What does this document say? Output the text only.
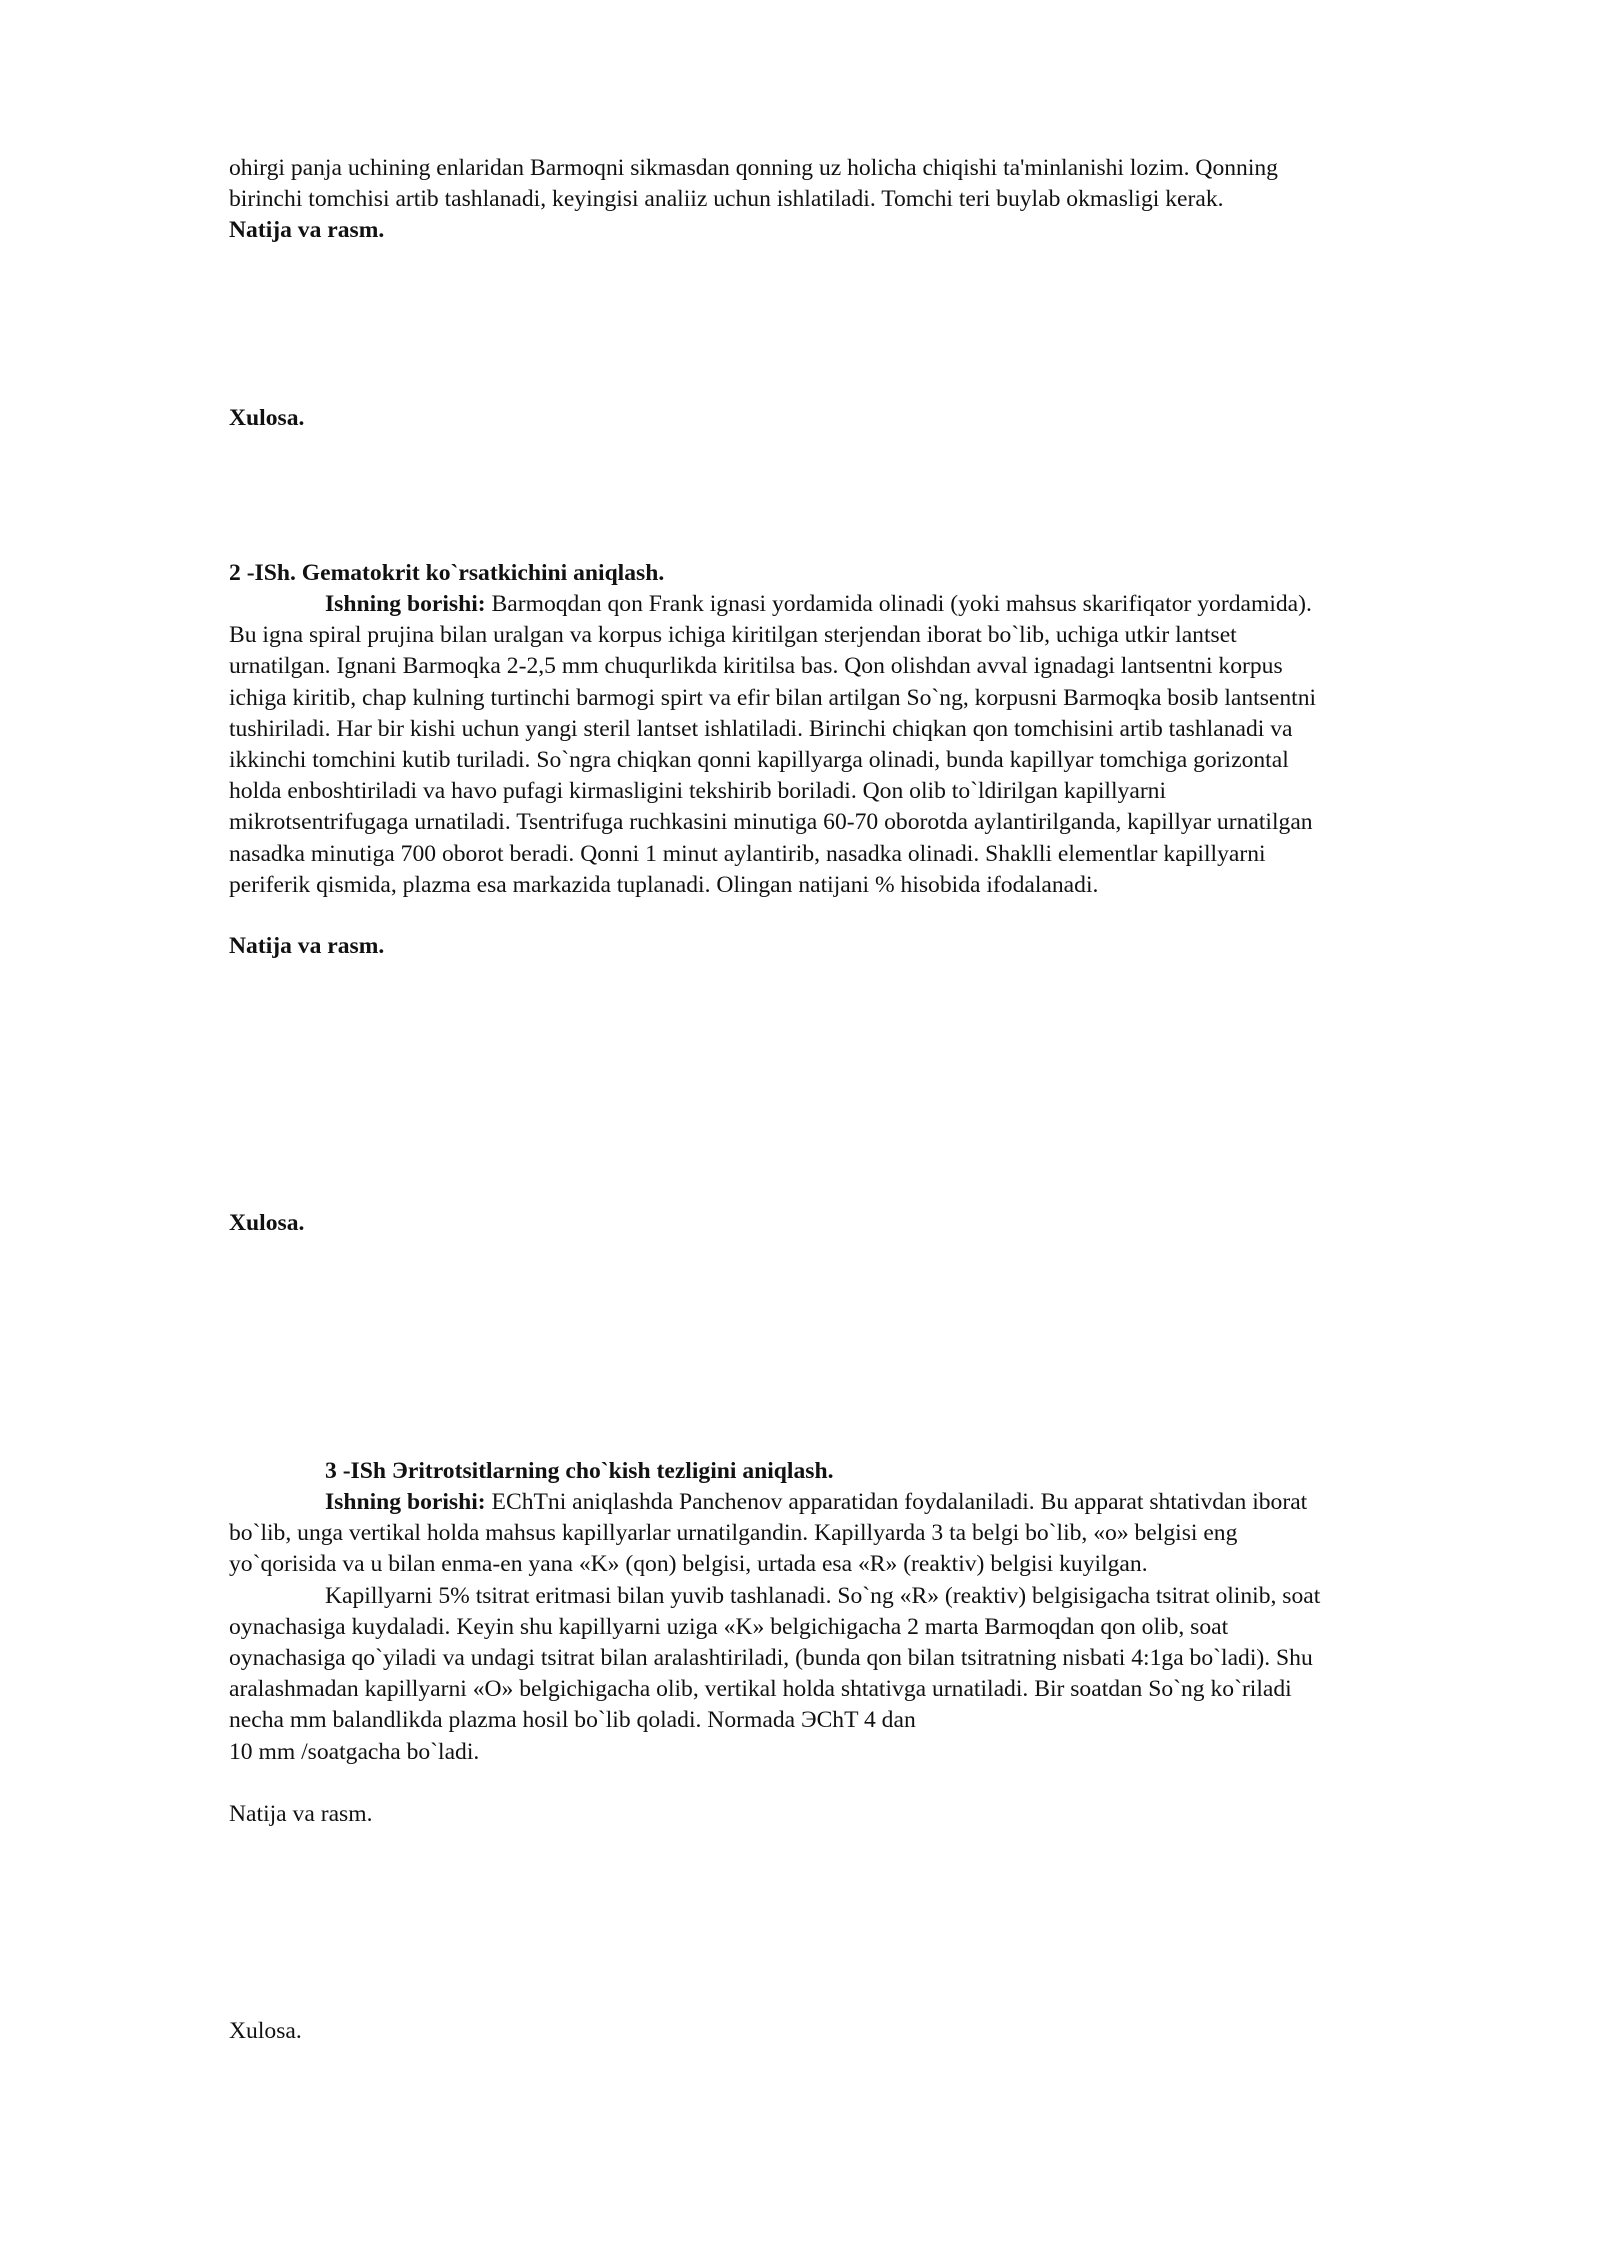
ohirgi panja uchining enlaridan Barmoqni sikmasdan qonning uz holicha chiqishi ta'minlanishi lozim. Qonning
birinchi tomchisi artib tashlanadi, keyingisi analiiz uchun ishlatiladi. Tomchi teri buylab okmasligi kerak.
Natija va rasm.
Xulosa.
2 -ISh. Gematokrit ko`rsatkichini aniqlash.
Ishning borishi: Barmoqdan qon Frank ignasi yordamida olinadi (yoki mahsus skarifiqator yordamida).
Bu igna spiral prujina bilan uralgan va korpus ichiga kiritilgan sterjendan iborat bo`lib, uchiga utkir lantset
urnatilgan. Ignani Barmoqka 2-2,5 mm chuqurlikda kiritilsa bas. Qon olishdan avval ignadagi lantsentni korpus
ichiga kiritib, chap kulning turtinchi barmogi spirt va efir bilan artilgan So`ng, korpusni Barmoqka bosib lantsentni
tushiriladi. Har bir kishi uchun yangi steril lantset ishlatiladi. Birinchi chiqkan qon tomchisini artib tashlanadi va
ikkinchi tomchini kutib turiladi. So`ngra chiqkan qonni kapillyarga olinadi, bunda kapillyar tomchiga gorizontal
holda enboshtiriladi va havo pufagi kirmasligini tekshirib boriladi. Qon olib to`ldirilgan kapillyarni
mikrotsentrifugaga urnatiladi. Tsentrifuga ruchkasini minutiga 60-70 oborotda aylantirilganda, kapillyar urnatilgan
nasadka minutiga 700 oborot beradi. Qonni 1 minut aylantirib, nasadka olinadi. Shaklli elementlar kapillyarni
periferik qismida, plazma esa markazida tuplanadi. Olingan natijani % hisobida ifodalanadi.
Natija va rasm.
Xulosa.
3 -ISh Эritrotsitlarning cho`kish tezligini aniqlash.
Ishning borishi: EChTni aniqlashda Panchenov apparatidan foydalaniladi. Bu apparat shtativdan iborat
bo`lib, unga vertikal holda mahsus kapillyarlar urnatilgandin. Kapillyarda 3 ta belgi bo`lib, «o» belgisi eng
yo`qorisida va u bilan enma-en yana «K» (qon) belgisi, urtada esa «R» (reaktiv) belgisi kuyilgan.
Kapillyarni 5% tsitrat eritmasi bilan yuvib tashlanadi. So`ng «R» (reaktiv) belgisigacha tsitrat olinib, soat
oynachasiga kuydaladi. Keyin shu kapillyarni uziga «K» belgichigacha 2 marta Barmoqdan qon olib, soat
oynachasiga qo`yiladi va undagi tsitrat bilan aralashtiriladi, (bunda qon bilan tsitratning nisbati 4:1ga bo`ladi). Shu
aralashmadan kapillyarni «O» belgichigacha olib, vertikal holda shtativga urnatiladi. Bir soatdan So`ng ko`riladi
necha mm balandlikda plazma hosil bo`lib qoladi. Normada ЭChT 4 dan
10 mm /soatgacha bo`ladi.
Natija va rasm.
Xulosa.
